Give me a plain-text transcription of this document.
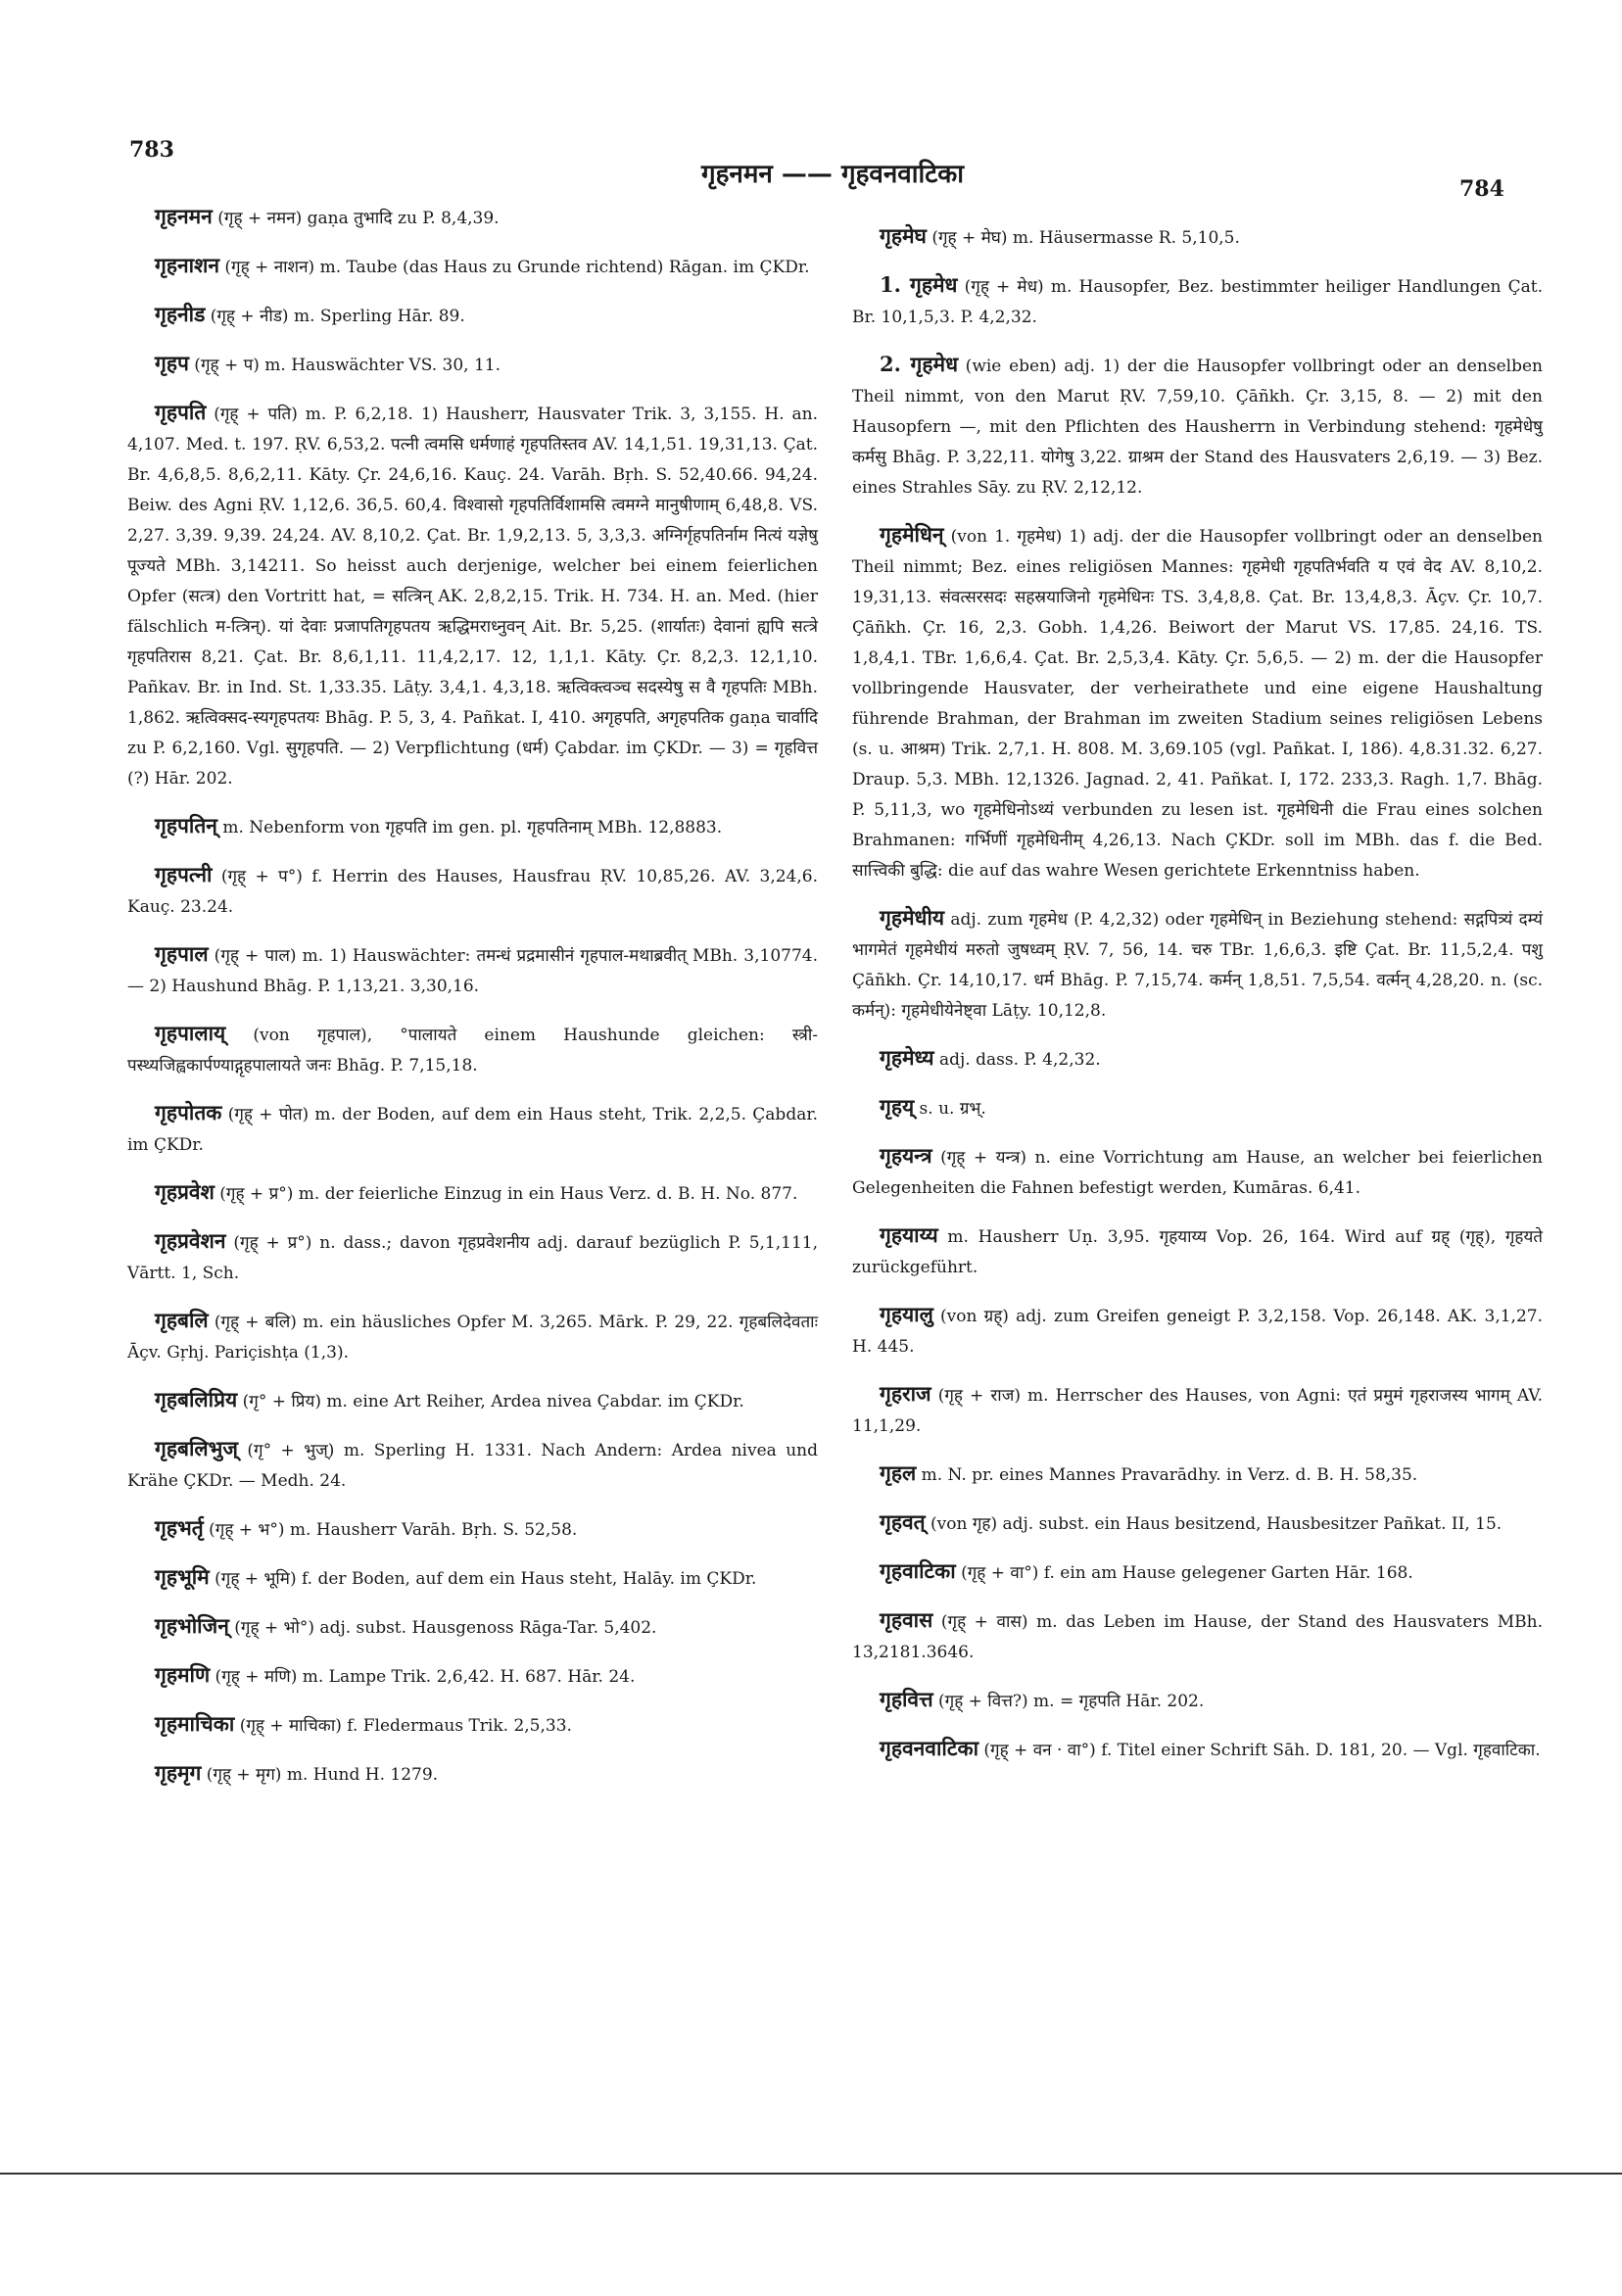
783
गृहनमन —— गृहवनवाटिका	784

गृहनमन (गृह् + नमन) gaṇa तुभादि zu P. 8,4,39.

गृहनाशन (गृह् + नाशन) m. Taube (das Haus zu Grunde richtend) Rāgan. im ÇKDr.

गृहनीड (गृह् + नीड) m. Sperling Hār. 89.

गृहप (गृह् + प) m. Hauswächter VS. 30, 11.

गृहपति (गृह् + पति) m. P. 6,2,18. 1) Hausherr, Hausvater Trik. 3, 3,155. H. an. 4,107. Med. t. 197. ṚV. 6,53,2. पत्नी त्वमसि धर्मणाहं गृहपतिस्तव AV. 14,1,51. 19,31,13. Çat. Br. 4,6,8,5. 8,6,2,11. Kāty. Çr. 24,6,16. Kauç. 24. Varāh. Bṛh. S. 52,40.66. 94,24. Beiw. des Agni ṚV. 1,12,6. 36,5. 60,4. विश्वासो गृहपतिर्विशामसि त्वमग्ने मानुषीणाम् 6,48,8. VS. 2,27. 3,39. 9,39. 24,24. AV. 8,10,2. Çat. Br. 1,9,2,13. 5, 3,3,3. अग्निर्गृहपतिर्नाम नित्यं यज्ञेषु पूज्यते MBh. 3,14211. So heisst auch derjenige, welcher bei einem feierlichen Opfer (सत्त्र) den Vortritt hat, = सत्त्रिन् AK. 2,8,2,15. Trik. H. 734. H. an. Med. (hier fälschlich म-त्त्रिन्). यां देवाः प्रजापतिगृहपतय ऋद्धिमराध्नुवन् Ait. Br. 5,25. (शार्यातः) देवानां ह्यपि सत्त्रे गृहपतिरास 8,21. Çat. Br. 8,6,1,11. 11,4,2,17. 12, 1,1,1. Kāty. Çr. 8,2,3. 12,1,10. Pañkav. Br. in Ind. St. 1,33.35. Lāṭy. 3,4,1. 4,3,18. ऋत्विक्त्वञ्च सदस्येषु स वै गृहपतिः MBh. 1,862. ऋत्विक्सद-स्यगृहपतयः Bhāg. P. 5, 3, 4. Pañkat. I, 410. अगृहपति, अगृहपतिक gaṇa चार्वादि zu P. 6,2,160. Vgl. सुगृहपति. — 2) Verpflichtung (धर्म) Çabdar. im ÇKDr. — 3) = गृहवित्त (?) Hār. 202.

गृहपतिन् m. Nebenform von गृहपति im gen. pl. गृहपतिनाम् MBh. 12,8883.

गृहपत्नी (गृह् + प°) f. Herrin des Hauses, Hausfrau ṚV. 10,85,26. AV. 3,24,6. Kauç. 23.24.

गृहपाल (गृह् + पाल) m. 1) Hauswächter: तमन्धं प्रद्रमासीनं गृहपाल-मथाब्रवीत् MBh. 3,10774. — 2) Haushund Bhāg. P. 1,13,21. 3,30,16.

गृहपालाय् (von गृहपाल), °पालायते einem Haushunde gleichen: स्त्री-पस्थ्यजिह्वकार्पण्याद्गृहपालायते जनः Bhāg. P. 7,15,18.

गृहपोतक (गृह् + पोत) m. der Boden, auf dem ein Haus steht, Trik. 2,2,5. Çabdar. im ÇKDr.

गृहप्रवेश (गृह् + प्र°) m. der feierliche Einzug in ein Haus Verz. d. B. H. No. 877.

गृहप्रवेशन (गृह् + प्र°) n. dass.; davon गृहप्रवेशनीय adj. darauf bezüglich P. 5,1,111, Vārtt. 1, Sch.

गृहबलि (गृह् + बलि) m. ein häusliches Opfer M. 3,265. Mārk. P. 29, 22. गृहबलिदेवताः Āçv. Gṛhj. Pariçishṭa (1,3).

गृहबलिप्रिय (गृ° + प्रिय) m. eine Art Reiher, Ardea nivea Çabdar. im ÇKDr.

गृहबलिभुज् (गृ° + भुज्) m. Sperling H. 1331. Nach Andern: Ardea nivea und Krähe ÇKDr. — Medh. 24.

गृहभर्तृ (गृह् + भ°) m. Hausherr Varāh. Bṛh. S. 52,58.

गृहभूमि (गृह् + भूमि) f. der Boden, auf dem ein Haus steht, Halāy. im ÇKDr.

गृहभोजिन् (गृह् + भो°) adj. subst. Hausgenoss Rāga-Tar. 5,402.

गृहमणि (गृह् + मणि) m. Lampe Trik. 2,6,42. H. 687. Hār. 24.

गृहमाचिका (गृह् + माचिका) f. Fledermaus Trik. 2,5,33.

गृहमृग (गृह् + मृग) m. Hund H. 1279.

गृहमेघ (गृह् + मेघ) m. Häusermasse R. 5,10,5.

1. गृहमेध (गृह् + मेध) m. Hausopfer, Bez. bestimmter heiliger Handlungen Çat. Br. 10,1,5,3. P. 4,2,32.

2. गृहमेध (wie eben) adj. 1) der die Hausopfer vollbringt oder an denselben Theil nimmt, von den Marut ṚV. 7,59,10. Çāñkh. Çr. 3,15, 8. — 2) mit den Hausopfern —, mit den Pflichten des Hausherrn in Verbindung stehend: गृहमेधेषु कर्मसु Bhāg. P. 3,22,11. योगेषु 3,22. ग्राश्रम der Stand des Hausvaters 2,6,19. — 3) Bez. eines Strahles Sāy. zu ṚV. 2,12,12.

गृहमेधिन् (von 1. गृहमेध) 1) adj. der die Hausopfer vollbringt oder an denselben Theil nimmt; Bez. eines religiösen Mannes: गृहमेधी गृहपतिर्भवति य एवं वेद AV. 8,10,2. 19,31,13. संवत्सरसदः सहस्रयाजिनो गृहमेधिनः TS. 3,4,8,8. Çat. Br. 13,4,8,3. Āçv. Çr. 10,7. Çāñkh. Çr. 16, 2,3. Gobh. 1,4,26. Beiwort der Marut VS. 17,85. 24,16. TS. 1,8,4,1. TBr. 1,6,6,4. Çat. Br. 2,5,3,4. Kāty. Çr. 5,6,5. — 2) m. der die Hausopfer vollbringende Hausvater, der verheirathete und eine eigene Haushaltung führende Brahman, der Brahman im zweiten Stadium seines religiösen Lebens (s. u. आश्रम) Trik. 2,7,1. H. 808. M. 3,69.105 (vgl. Pañkat. I, 186). 4,8.31.32. 6,27. Draup. 5,3. MBh. 12,1326. Jagnad. 2, 41. Pañkat. I, 172. 233,3. Ragh. 1,7. Bhāg. P. 5,11,3, wo गृहमेधिनोऽथ्यं verbunden zu lesen ist. गृहमेधिनी die Frau eines solchen Brahmanen: गर्भिणीं गृहमेधिनीम् 4,26,13. Nach ÇKDr. soll im MBh. das f. die Bed. सात्त्विकी बुद्धि: die auf das wahre Wesen gerichtete Erkenntniss haben.

गृहमेधीय adj. zum गृहमेध (P. 4,2,32) oder गृहमेधिन् in Beziehung stehend: सद्गपित्र्यं दम्यं भागमेतं गृहमेधीयं मरुतो जुषध्वम् ṚV. 7, 56, 14. चरु TBr. 1,6,6,3. इष्टि Çat. Br. 11,5,2,4. पशु Çāñkh. Çr. 14,10,17. धर्म Bhāg. P. 7,15,74. कर्मन् 1,8,51. 7,5,54. वर्त्मन् 4,28,20. n. (sc. कर्मन्): गृहमेधीयेनेष्ट्वा Lāṭy. 10,12,8.

गृहमेध्य adj. dass. P. 4,2,32.

गृहय् s. u. ग्रभ्.

गृहयन्त्र (गृह् + यन्त्र) n. eine Vorrichtung am Hause, an welcher bei feierlichen Gelegenheiten die Fahnen befestigt werden, Kumāras. 6,41.

गृहयाय्य m. Hausherr Uṇ. 3,95. गृहयाय्य Vop. 26, 164. Wird auf ग्रह् (गृह्), गृहयते zurückgeführt.

गृहयालु (von ग्रह्) adj. zum Greifen geneigt P. 3,2,158. Vop. 26,148. AK. 3,1,27. H. 445.

गृहराज (गृह् + राज) m. Herrscher des Hauses, von Agni: एतं प्रमुमं गृहराजस्य भागम् AV. 11,1,29.

गृहल m. N. pr. eines Mannes Pravarādhy. in Verz. d. B. H. 58,35.

गृहवत् (von गृह) adj. subst. ein Haus besitzend, Hausbesitzer Pañkat. II, 15.

गृहवाटिका (गृह् + वा°) f. ein am Hause gelegener Garten Hār. 168.

गृहवास (गृह् + वास) m. das Leben im Hause, der Stand des Hausvaters MBh. 13,2181.3646.

गृहवित्त (गृह् + वित्त?) m. = गृहपति Hār. 202.

गृहवनवाटिका (गृह् + वन · वा°) f. Titel einer Schrift Sāh. D. 181, 20. — Vgl. गृहवाटिका.
